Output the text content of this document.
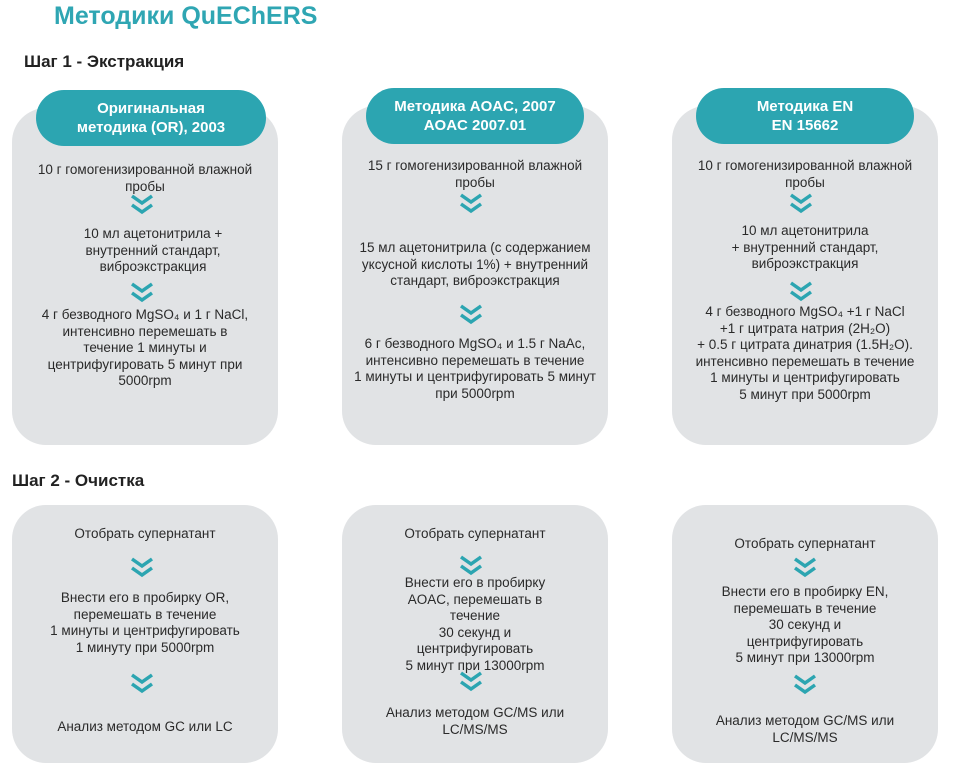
Методики QuEChERS
Шаг 1 - Экстракция
Оригинальная
методика (OR), 2003
10 г гомогенизированной влажной
пробы
10 мл ацетонитрила +
внутренний стандарт,
виброэкстракция
4 г безводного MgSO₄ и 1 г NaCl,
интенсивно перемешать в
течение 1 минуты и
центрифугировать 5 минут при
5000rpm
Методика AOAC, 2007
AOAC 2007.01
15 г гомогенизированной влажной
пробы
15 мл ацетонитрила (с содержанием
уксусной кислоты 1%) + внутренний
стандарт, виброэкстракция
6 г безводного MgSO₄ и 1.5 г NaAc,
интенсивно перемешать в течение
1 минуты и центрифугировать 5 минут
при 5000rpm
Методика EN
EN 15662
10 г гомогенизированной влажной
пробы
10 мл ацетонитрила
+ внутренний стандарт,
виброэкстракция
4 г безводного MgSO₄ +1 г NaCl
+1 г цитрата натрия (2H₂O)
+ 0.5 г цитрата динатрия (1.5H₂O).
интенсивно перемешать в течение
1 минуты и центрифугировать
5 минут при 5000rpm
Шаг 2 - Очистка
Отобрать супернатант
Внести его в пробирку OR,
перемешать в течение
1 минуты и центрифугировать
1 минуту при 5000rpm
Анализ методом GC или LC
Отобрать супернатант
Внести его в пробирку
AOAC, перемешать в
течение
30 секунд и
центрифугировать
5 минут при 13000rpm
Анализ методом GC/MS или
LC/MS/MS
Отобрать супернатант
Внести его в пробирку EN,
перемешать в течение
30 секунд и
центрифугировать
5 минут при 13000rpm
Анализ методом GC/MS или
LC/MS/MS
